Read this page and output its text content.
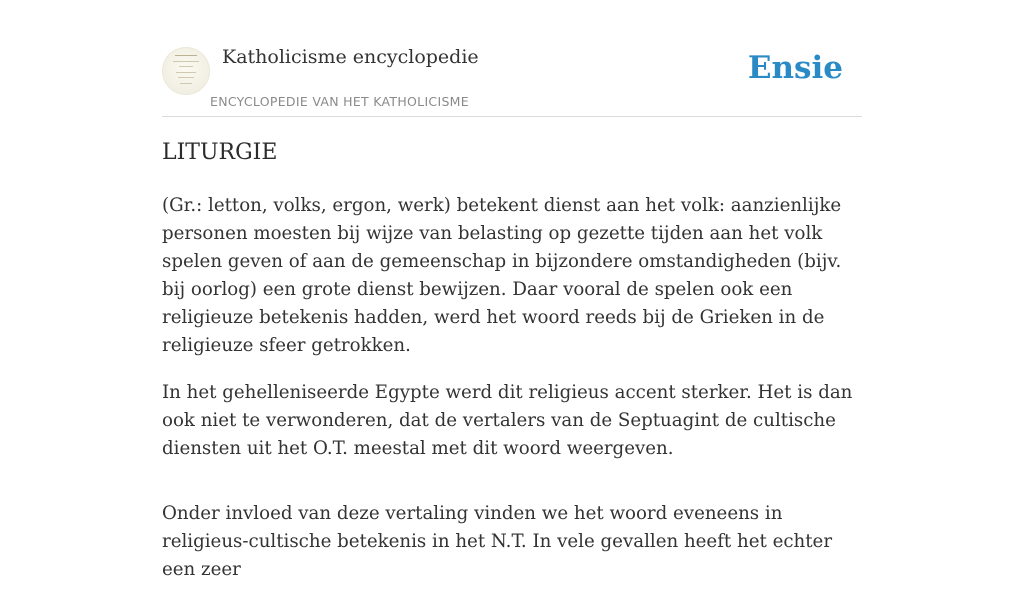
Katholicisme encyclopedie
ENCYCLOPEDIE VAN HET KATHOLICISME
Ensie
LITURGIE

(Gr.: letton, volks, ergon, werk) betekent dienst aan het volk: aanzienlijke personen moesten bij wijze van belasting op gezette tijden aan het volk spelen geven of aan de gemeenschap in bijzondere omstandigheden (bijv. bij oorlog) een grote dienst bewijzen. Daar vooral de spelen ook een religieuze betekenis hadden, werd het woord reeds bij de Grieken in de religieuze sfeer getrokken.

In het gehelleniseerde Egypte werd dit religieus accent sterker. Het is dan ook niet te verwonderen, dat de vertalers van de Septuagint de cultische diensten uit het O.T. meestal met dit woord weergeven.

Onder invloed van deze vertaling vinden we het woord eveneens in religieus-cultische betekenis in het N.T. In vele gevallen heeft het echter een zeer
